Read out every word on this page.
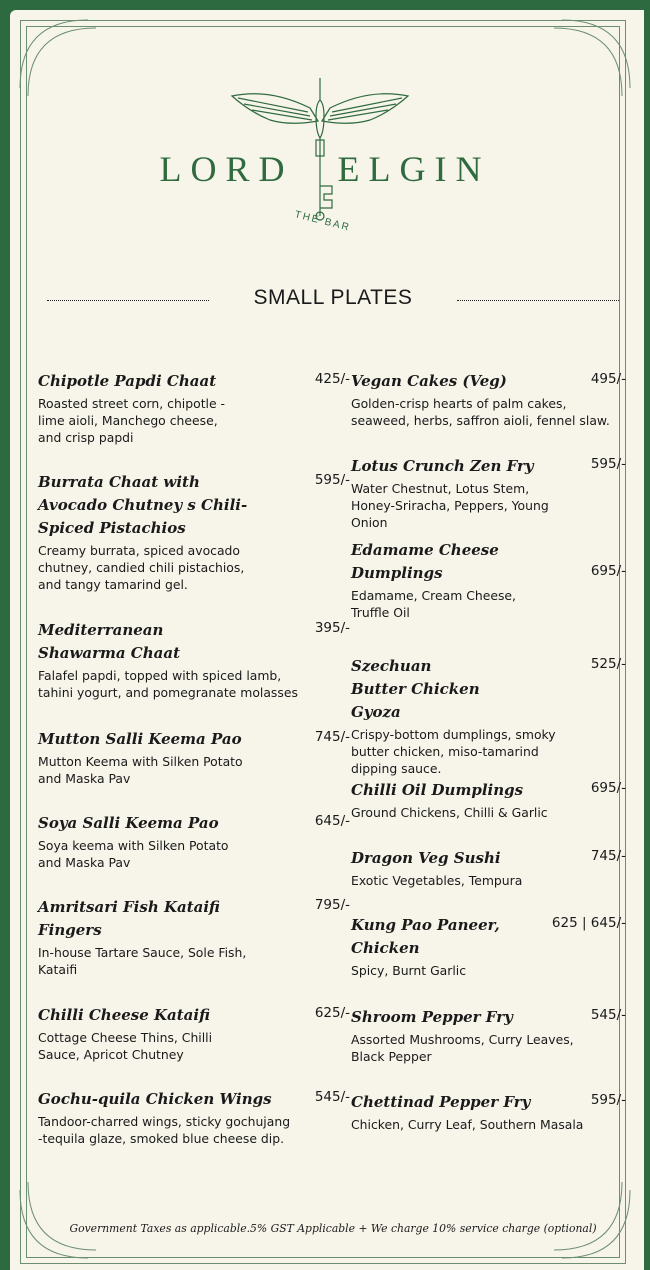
LORD ELGIN
THE BAR
SMALL PLATES
Chipotle Papdi Chaat	425/-
Roasted street corn, chipotle -lime aioli, Manchego cheese, and crisp papdi
Burrata Chaat with Avocado Chutney s Chili-Spiced Pistachios
595/-
Creamy burrata, spiced avocado chutney, candied chili pistachios, and tangy tamarind gel.
Mediterranean Shawarma Chaat
395/-
Falafel papdi, topped with spiced lamb, tahini yogurt, and pomegranate molasses
Mutton Salli Keema Pao	745/-
Mutton Keema with Silken Potato and Maska Pav
Soya Salli Keema Pao	645/-
Soya keema with Silken Potato and Maska Pav
Amritsari Fish Kataifi Fingers
795/-
In-house Tartare Sauce, Sole Fish, Kataifi
Chilli Cheese Kataifi	625/-
Cottage Cheese Thins, Chilli Sauce, Apricot Chutney
Gochu-quila Chicken Wings	545/-
Tandoor-charred wings, sticky gochujang -tequila glaze, smoked blue cheese dip.
Vegan Cakes (Veg)	495/-
Golden-crisp hearts of palm cakes, seaweed, herbs, saffron aioli, fennel slaw.
Lotus Crunch Zen Fry	595/-
Water Chestnut, Lotus Stem, Honey-Sriracha, Peppers, Young Onion
Edamame Cheese Dumplings	695/-
Edamame, Cream Cheese, Truffle Oil
Szechuan Butter Chicken Gyoza
525/-
Crispy-bottom dumplings, smoky butter chicken, miso-tamarind dipping sauce.
Chilli Oil Dumplings	695/-
Ground Chickens, Chilli & Garlic
Dragon Veg Sushi	745/-
Exotic Vegetables, Tempura
Kung Pao Paneer, Chicken
625 | 645/-
Spicy, Burnt Garlic
Shroom Pepper Fry	545/-
Assorted Mushrooms, Curry Leaves, Black Pepper
Chettinad Pepper Fry	595/-
Chicken, Curry Leaf, Southern Masala
Government Taxes as applicable.5% GST Applicable + We charge 10% service charge (optional)
